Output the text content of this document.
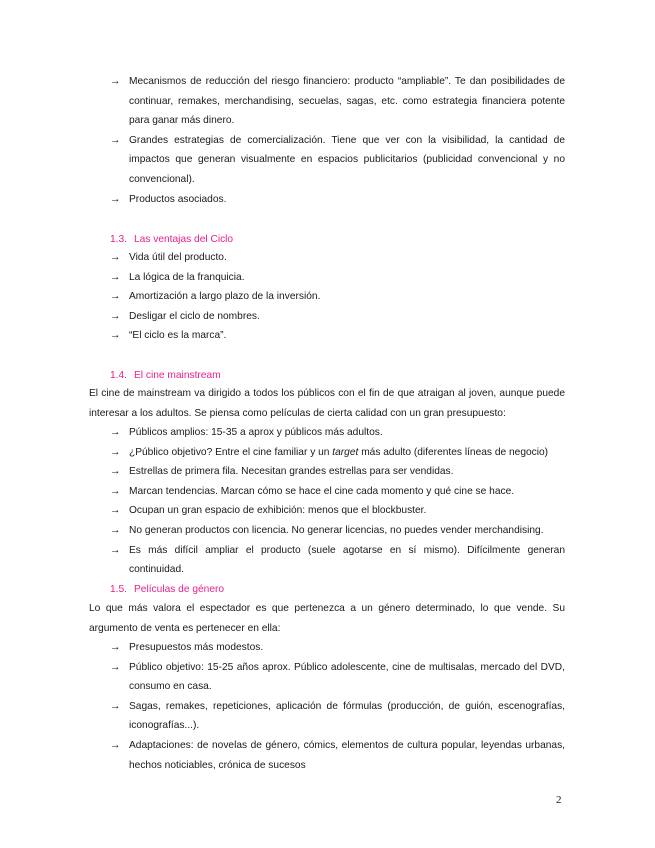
→ Mecanismos de reducción del riesgo financiero: producto “ampliable”. Te dan posibilidades de continuar, remakes, merchandising, secuelas, sagas, etc. como estrategia financiera potente para ganar más dinero.
→ Grandes estrategias de comercialización. Tiene que ver con la visibilidad, la cantidad de impactos que generan visualmente en espacios publicitarios (publicidad convencional y no convencional).
→ Productos asociados.
1.3. Las ventajas del Ciclo
→ Vida útil del producto.
→ La lógica de la franquicia.
→ Amortización a largo plazo de la inversión.
→ Desligar el ciclo de nombres.
→ “El ciclo es la marca”.
1.4. El cine mainstream

El cine de mainstream va dirigido a todos los públicos con el fin de que atraigan al joven, aunque puede interesar a los adultos. Se piensa como películas de cierta calidad con un gran presupuesto:

→ Públicos amplios: 15-35 a aprox y públicos más adultos.
→ ¿Público objetivo? Entre el cine familiar y un target más adulto (diferentes líneas de negocio)
→ Estrellas de primera fila. Necesitan grandes estrellas para ser vendidas.
→ Marcan tendencias. Marcan cómo se hace el cine cada momento y qué cine se hace.
→ Ocupan un gran espacio de exhibición: menos que el blockbuster.
→ No generan productos con licencia. No generar licencias, no puedes vender merchandising.
→ Es más difícil ampliar el producto (suele agotarse en sí mismo). Difícilmente generan continuidad.
1.5. Películas de género

Lo que más valora el espectador es que pertenezca a un género determinado, lo que vende. Su argumento de venta es pertenecer en ella:

→ Presupuestos más modestos.
→ Público objetivo: 15-25 años aprox. Público adolescente, cine de multisalas, mercado del DVD, consumo en casa.
→ Sagas, remakes, repeticiones, aplicación de fórmulas (producción, de guión, escenografías, iconografías...).
→ Adaptaciones: de novelas de género, cómics, elementos de cultura popular, leyendas urbanas, hechos noticiables, crónica de sucesos
2
